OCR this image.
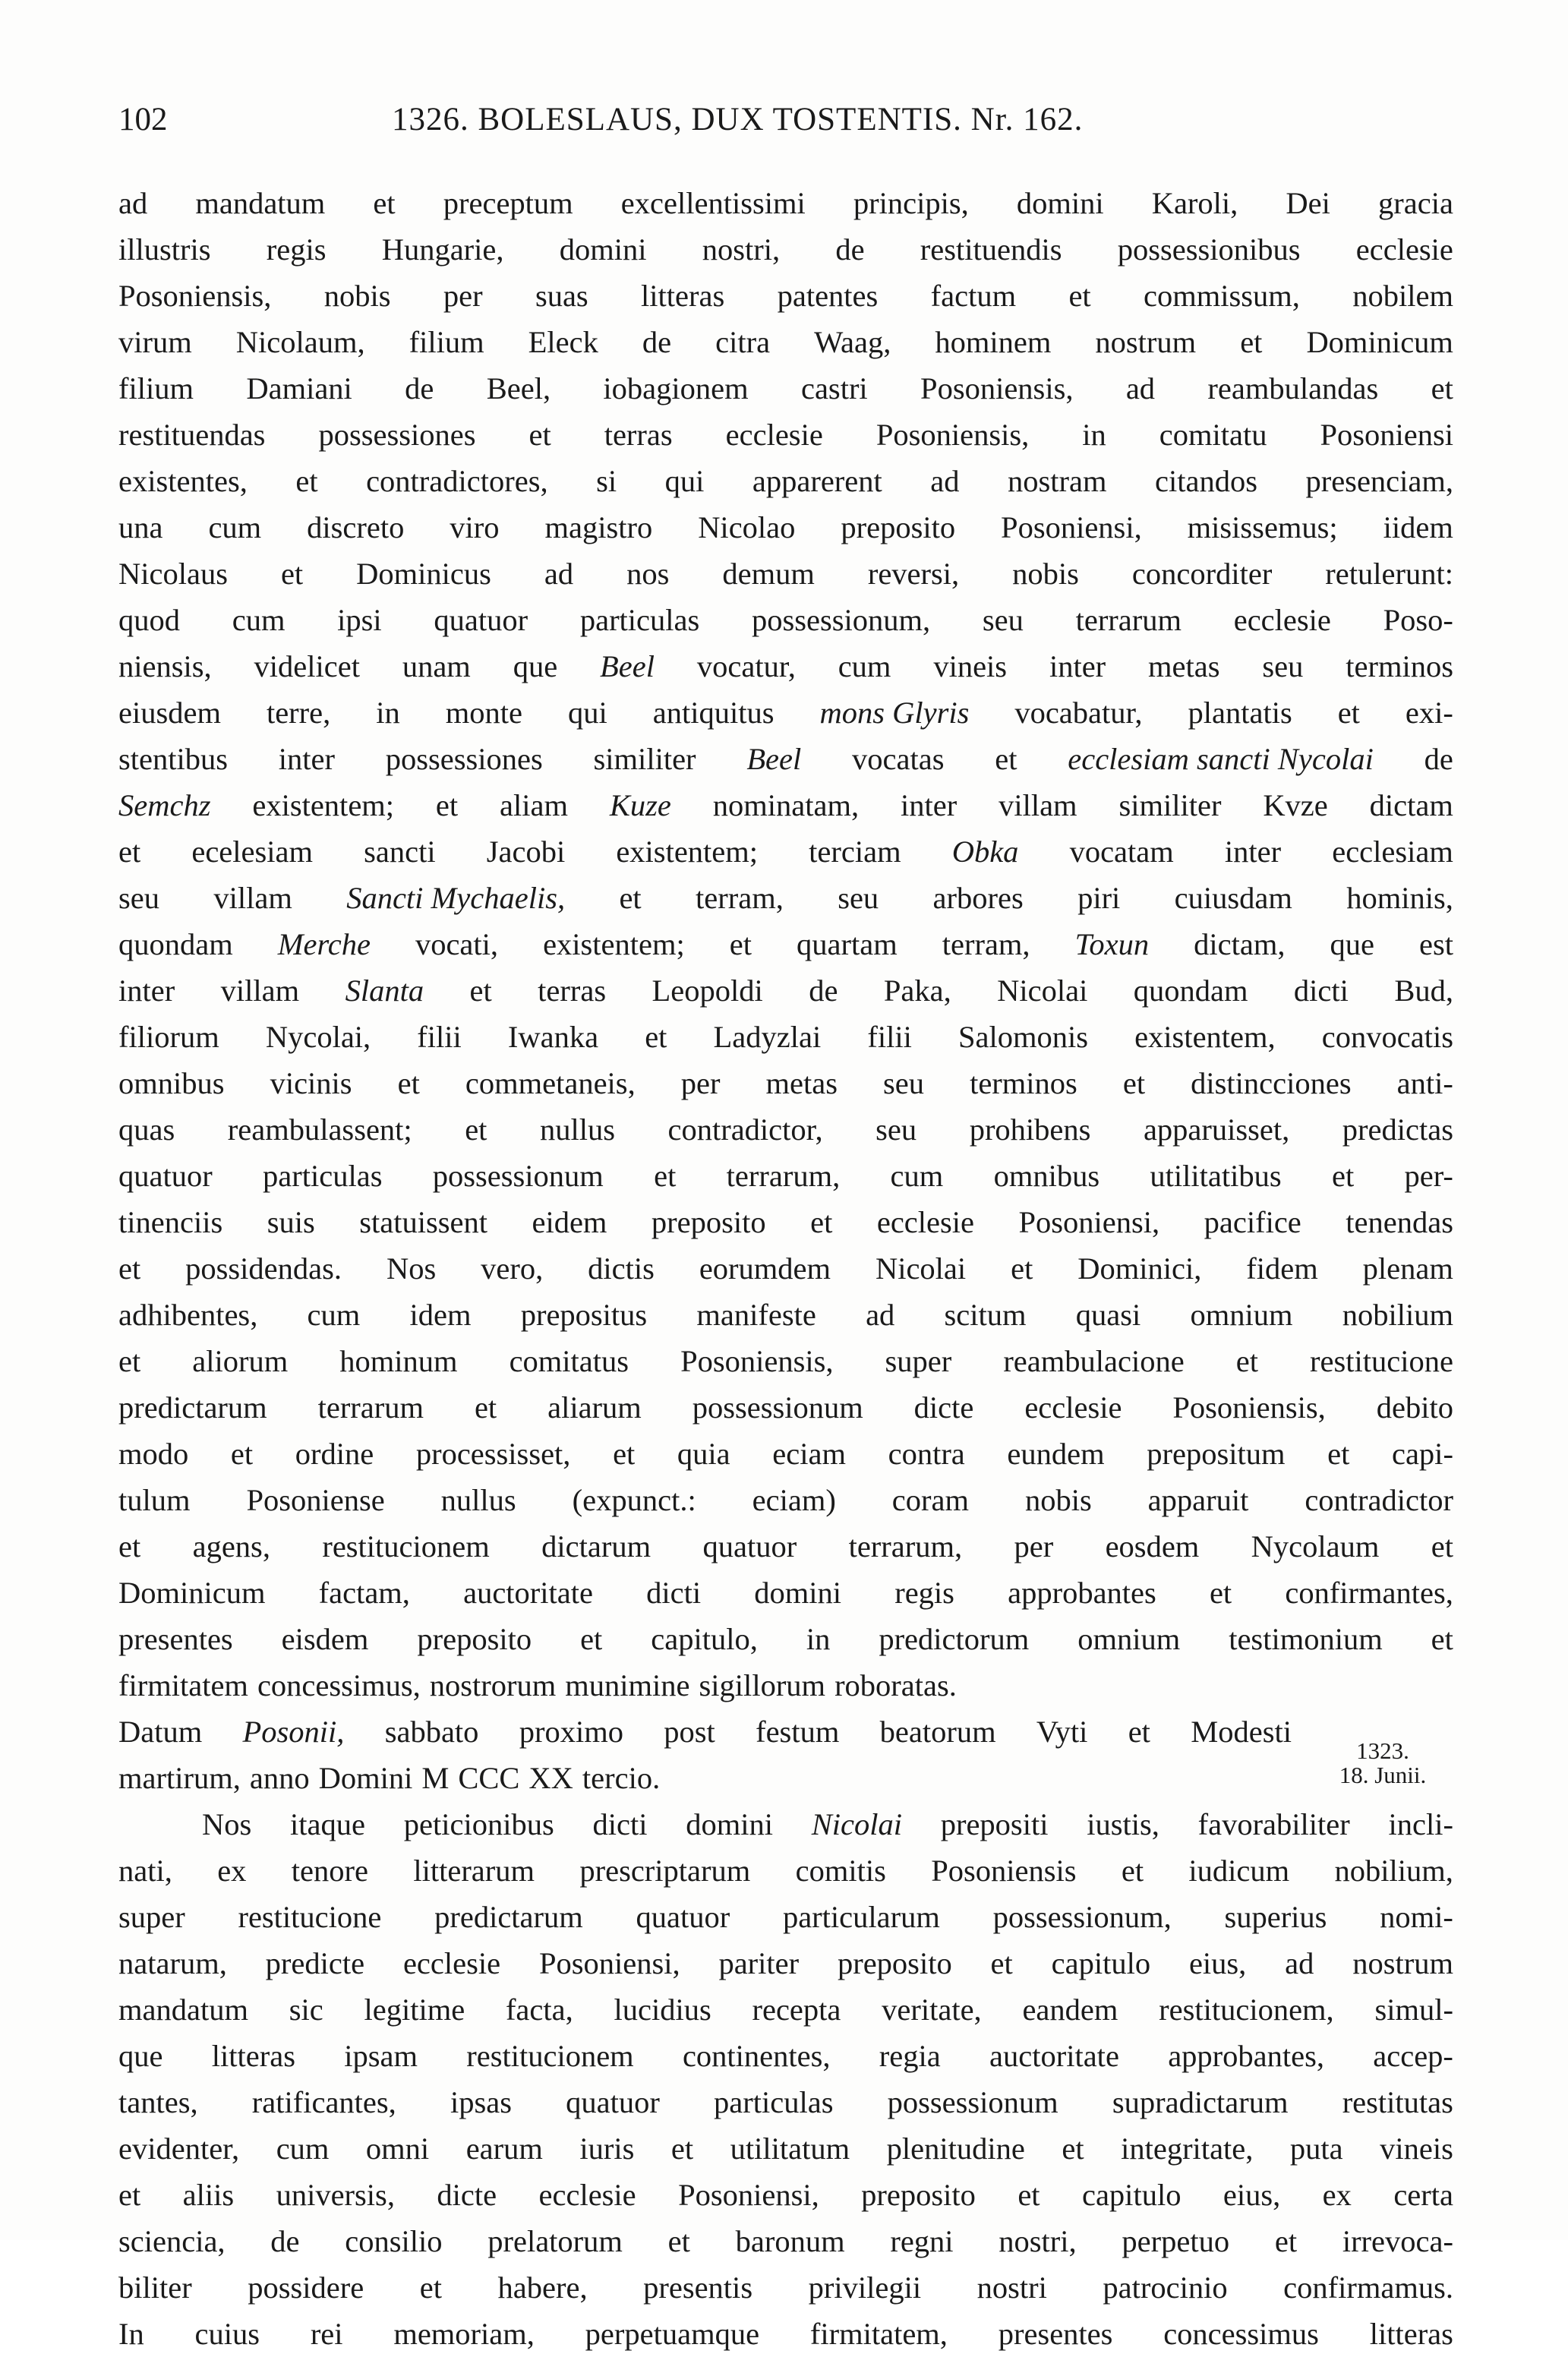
102	1326. BOLESLAUS, DUX TOSTENTIS. Nr. 162.
ad mandatum et preceptum excellentissimi principis, domini Karoli, Dei gracia
illustris regis Hungarie, domini nostri, de restituendis possessionibus ecclesie
Posoniensis, nobis per suas litteras patentes factum et commissum, nobilem
virum Nicolaum, filium Eleck de citra Waag, hominem nostrum et Dominicum
filium Damiani de Beel, iobagionem castri Posoniensis, ad reambulandas et
restituendas possessiones et terras ecclesie Posoniensis, in comitatu Posoniensi
existentes, et contradictores, si qui apparerent ad nostram citandos presenciam,
una cum discreto viro magistro Nicolao preposito Posoniensi, misissemus; iidem
Nicolaus et Dominicus ad nos demum reversi, nobis concorditer retulerunt:
quod cum ipsi quatuor particulas possessionum, seu terrarum ecclesie Poso-
niensis, videlicet unam que Beel vocatur, cum vineis inter metas seu terminos
eiusdem terre, in monte qui antiquitus mons Glyris vocabatur, plantatis et exi-
stentibus inter possessiones similiter Beel vocatas et ecclesiam sancti Nycolai de
Semchz existentem; et aliam Kuze nominatam, inter villam similiter Kvze dictam
et ecelesiam sancti Jacobi existentem; terciam Obka vocatam inter ecclesiam
seu villam Sancti Mychaelis, et terram, seu arbores piri cuiusdam hominis,
quondam Merche vocati, existentem; et quartam terram, Toxun dictam, que est
inter villam Slanta et terras Leopoldi de Paka, Nicolai quondam dicti Bud,
filiorum Nycolai, filii Iwanka et Ladyzlai filii Salomonis existentem, convocatis
omnibus vicinis et commetaneis, per metas seu terminos et distincciones anti-
quas reambulassent; et nullus contradictor, seu prohibens apparuisset, predictas
quatuor particulas possessionum et terrarum, cum omnibus utilitatibus et per-
tinenciis suis statuissent eidem preposito et ecclesie Posoniensi, pacifice tenendas
et possidendas. Nos vero, dictis eorumdem Nicolai et Dominici, fidem plenam
adhibentes, cum idem prepositus manifeste ad scitum quasi omnium nobilium
et aliorum hominum comitatus Posoniensis, super reambulacione et restitucione
predictarum terrarum et aliarum possessionum dicte ecclesie Posoniensis, debito
modo et ordine processisset, et quia eciam contra eundem prepositum et capi-
tulum Posoniense nullus (expunct.: eciam) coram nobis apparuit contradictor
et agens, restitucionem dictarum quatuor terrarum, per eosdem Nycolaum et
Dominicum factam, auctoritate dicti domini regis approbantes et confirmantes,
presentes eisdem preposito et capitulo, in predictorum omnium testimonium et
firmitatem concessimus, nostrorum munimine sigillorum roboratas.
Datum Posonii, sabbato proximo post festum beatorum Vyti et Modesti
1323.
18. Junii.
martirum, anno Domini M CCC XX tercio.
Nos itaque peticionibus dicti domini Nicolai prepositi iustis, favorabiliter incli-
nati, ex tenore litterarum prescriptarum comitis Posoniensis et iudicum nobilium,
super restitucione predictarum quatuor particularum possessionum, superius nomi-
natarum, predicte ecclesie Posoniensi, pariter preposito et capitulo eius, ad nostrum
mandatum sic legitime facta, lucidius recepta veritate, eandem restitucionem, simul-
que litteras ipsam restitucionem continentes, regia auctoritate approbantes, accep-
tantes, ratificantes, ipsas quatuor particulas possessionum supradictarum restitutas
evidenter, cum omni earum iuris et utilitatum plenitudine et integritate, puta vineis
et aliis universis, dicte ecclesie Posoniensi, preposito et capitulo eius, ex certa
sciencia, de consilio prelatorum et baronum regni nostri, perpetuo et irrevoca-
biliter possidere et habere, presentis privilegii nostri patrocinio confirmamus.
In cuius rei memoriam, perpetuamque firmitatem, presentes concessimus litteras
